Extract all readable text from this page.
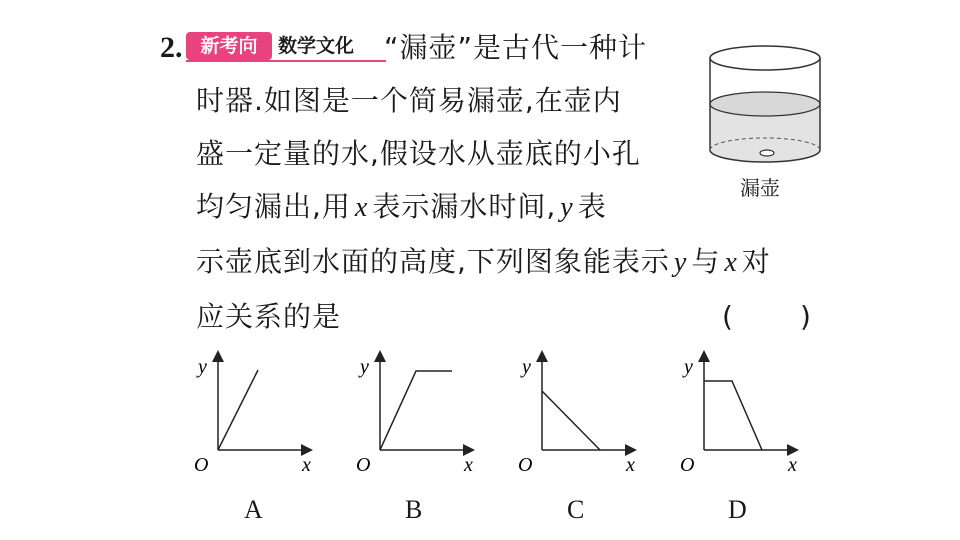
2. 新考向	数学文化 “漏壶”是古代一种计
时器.如图是一个简易漏壶,在壶内
盛一定量的水,假设水从壶底的小孔
均匀漏出,用 x 表示漏水时间, y 表
示壶底到水面的高度,下列图象能表示 y 与 x 对
应关系的是	( )
漏壶
y
x
O
A
y
x
O
B
y
x
O
C
y
x
O
D
